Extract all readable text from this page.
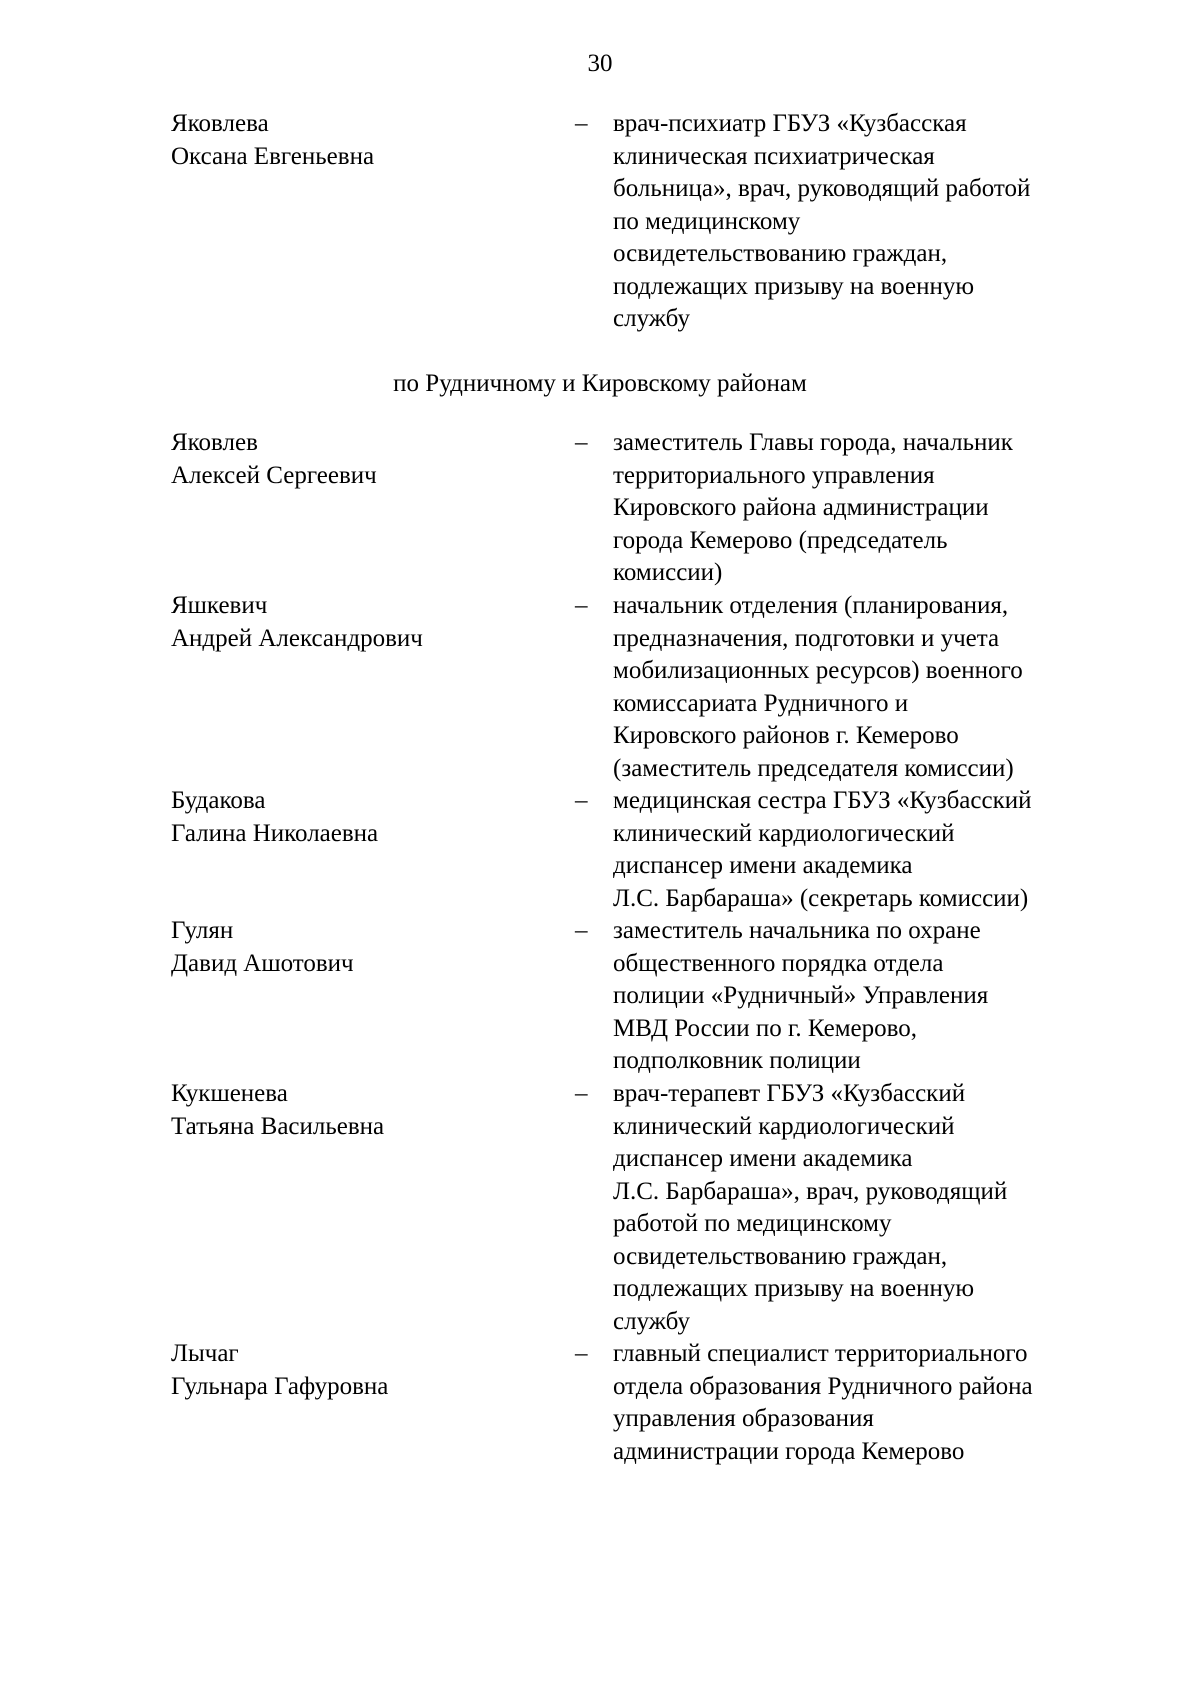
30
Яковлева
Оксана Евгеньевна
–	врач-психиатр ГБУЗ «Кузбасская
клиническая психиатрическая
больница», врач, руководящий работой
по медицинскому
освидетельствованию граждан,
подлежащих призыву на военную
службу
по Рудничному и Кировскому районам
Яковлев
Алексей Сергеевич
–	заместитель Главы города, начальник
территориального управления
Кировского района администрации
города Кемерово (председатель
комиссии)
Яшкевич
Андрей Александрович
–	начальник отделения (планирования,
предназначения, подготовки и учета
мобилизационных ресурсов) военного
комиссариата Рудничного и
Кировского районов г. Кемерово
(заместитель председателя комиссии)
Будакова
Галина Николаевна
–	медицинская сестра ГБУЗ «Кузбасский
клинический кардиологический
диспансер имени академика
Л.С. Барбараша» (секретарь комиссии)
Гулян
Давид Ашотович
–	заместитель начальника по охране
общественного порядка отдела
полиции «Рудничный» Управления
МВД России по г. Кемерово,
подполковник полиции
Кукшенева
Татьяна Васильевна
–	врач-терапевт ГБУЗ «Кузбасский
клинический кардиологический
диспансер имени академика
Л.С. Барбараша», врач, руководящий
работой по медицинскому
освидетельствованию граждан,
подлежащих призыву на военную
службу
Лычаг
Гульнара Гафуровна
–	главный специалист территориального
отдела образования Рудничного района
управления образования
администрации города Кемерово
